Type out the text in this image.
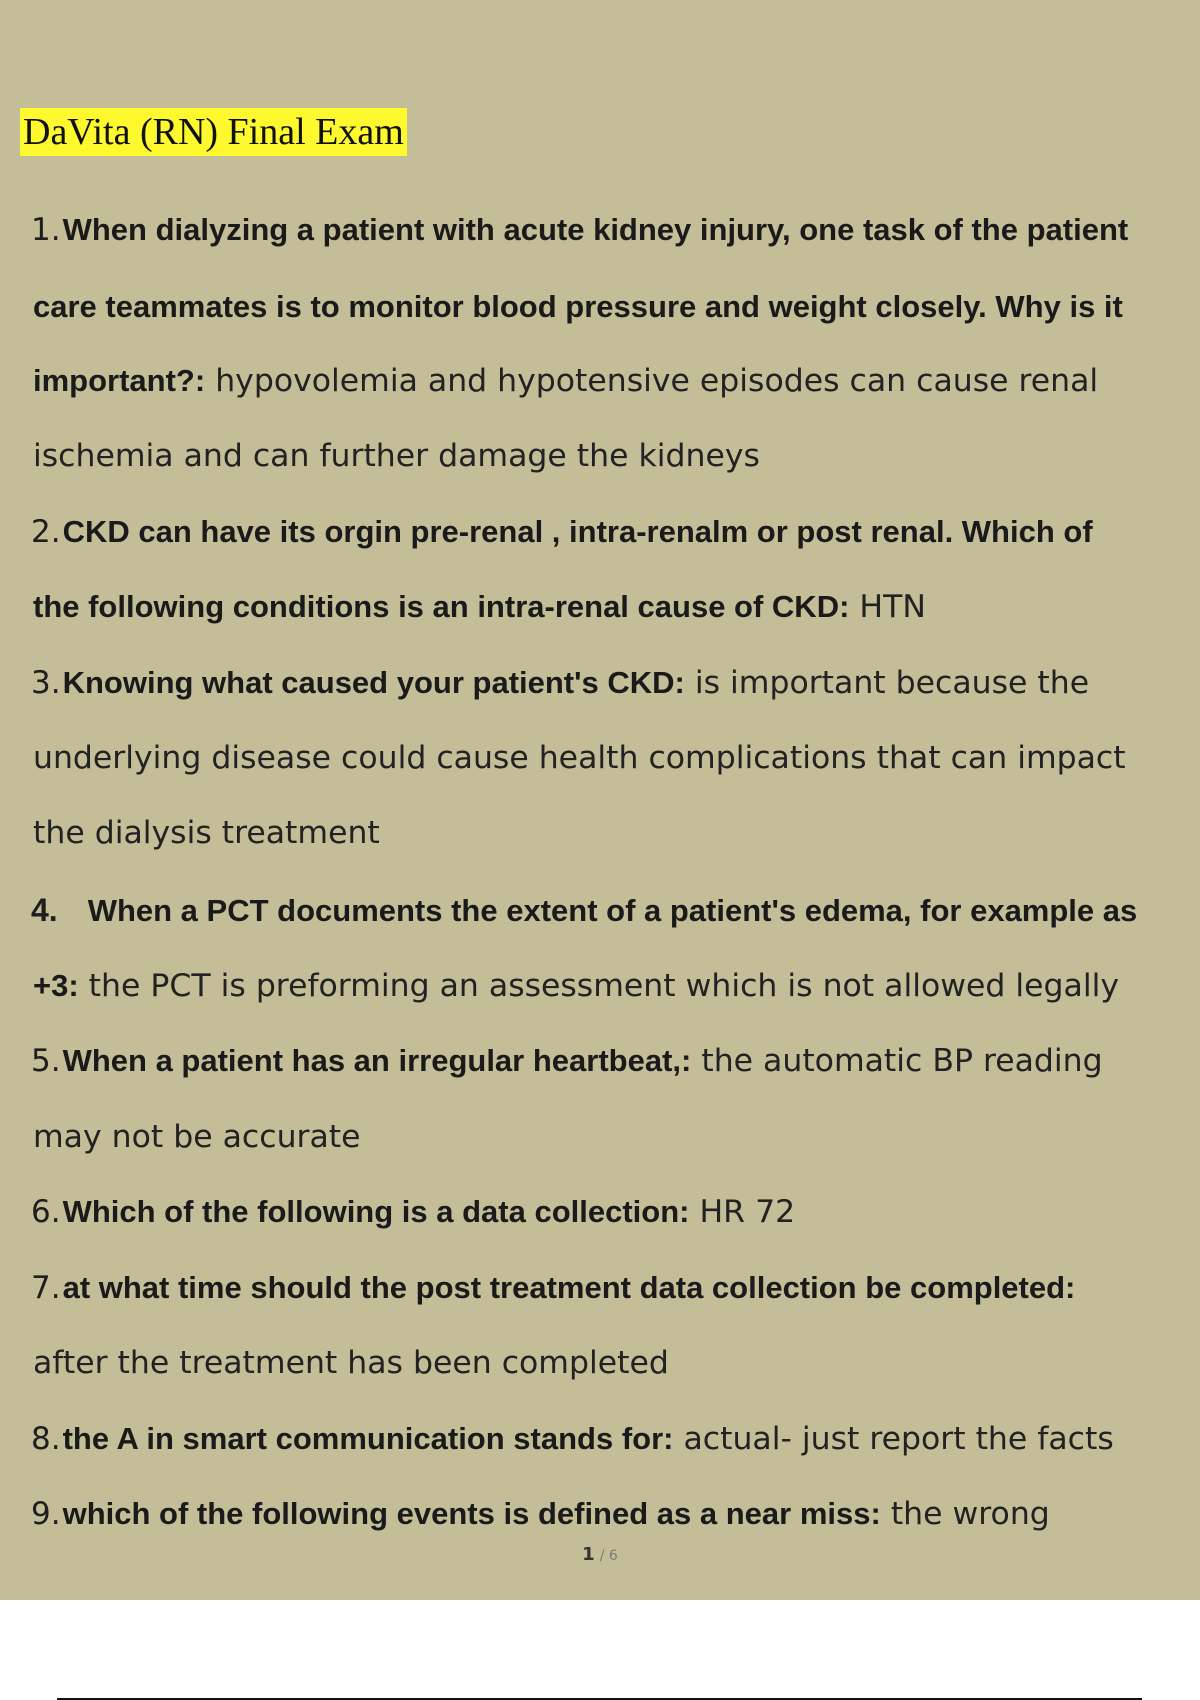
DaVita (RN) Final Exam
1.When dialyzing a patient with acute kidney injury, one task of the patient
care teammates is to monitor blood pressure and weight closely. Why is it
important?: hypovolemia and hypotensive episodes can cause renal
ischemia and can further damage the kidneys
2.CKD can have its orgin pre-renal , intra-renalm or post renal. Which of
the following conditions is an intra-renal cause of CKD: HTN
3.Knowing what caused your patient's CKD: is important because the
underlying disease could cause health complications that can impact
the dialysis treatment
4. When a PCT documents the extent of a patient's edema, for example as
+3: the PCT is preforming an assessment which is not allowed legally
5.When a patient has an irregular heartbeat,: the automatic BP reading
may not be accurate
6.Which of the following is a data collection: HR 72
7.at what time should the post treatment data collection be completed:
after the treatment has been completed
8.the A in smart communication stands for: actual- just report the facts
9.which of the following events is defined as a near miss: the wrong
1 / 6
